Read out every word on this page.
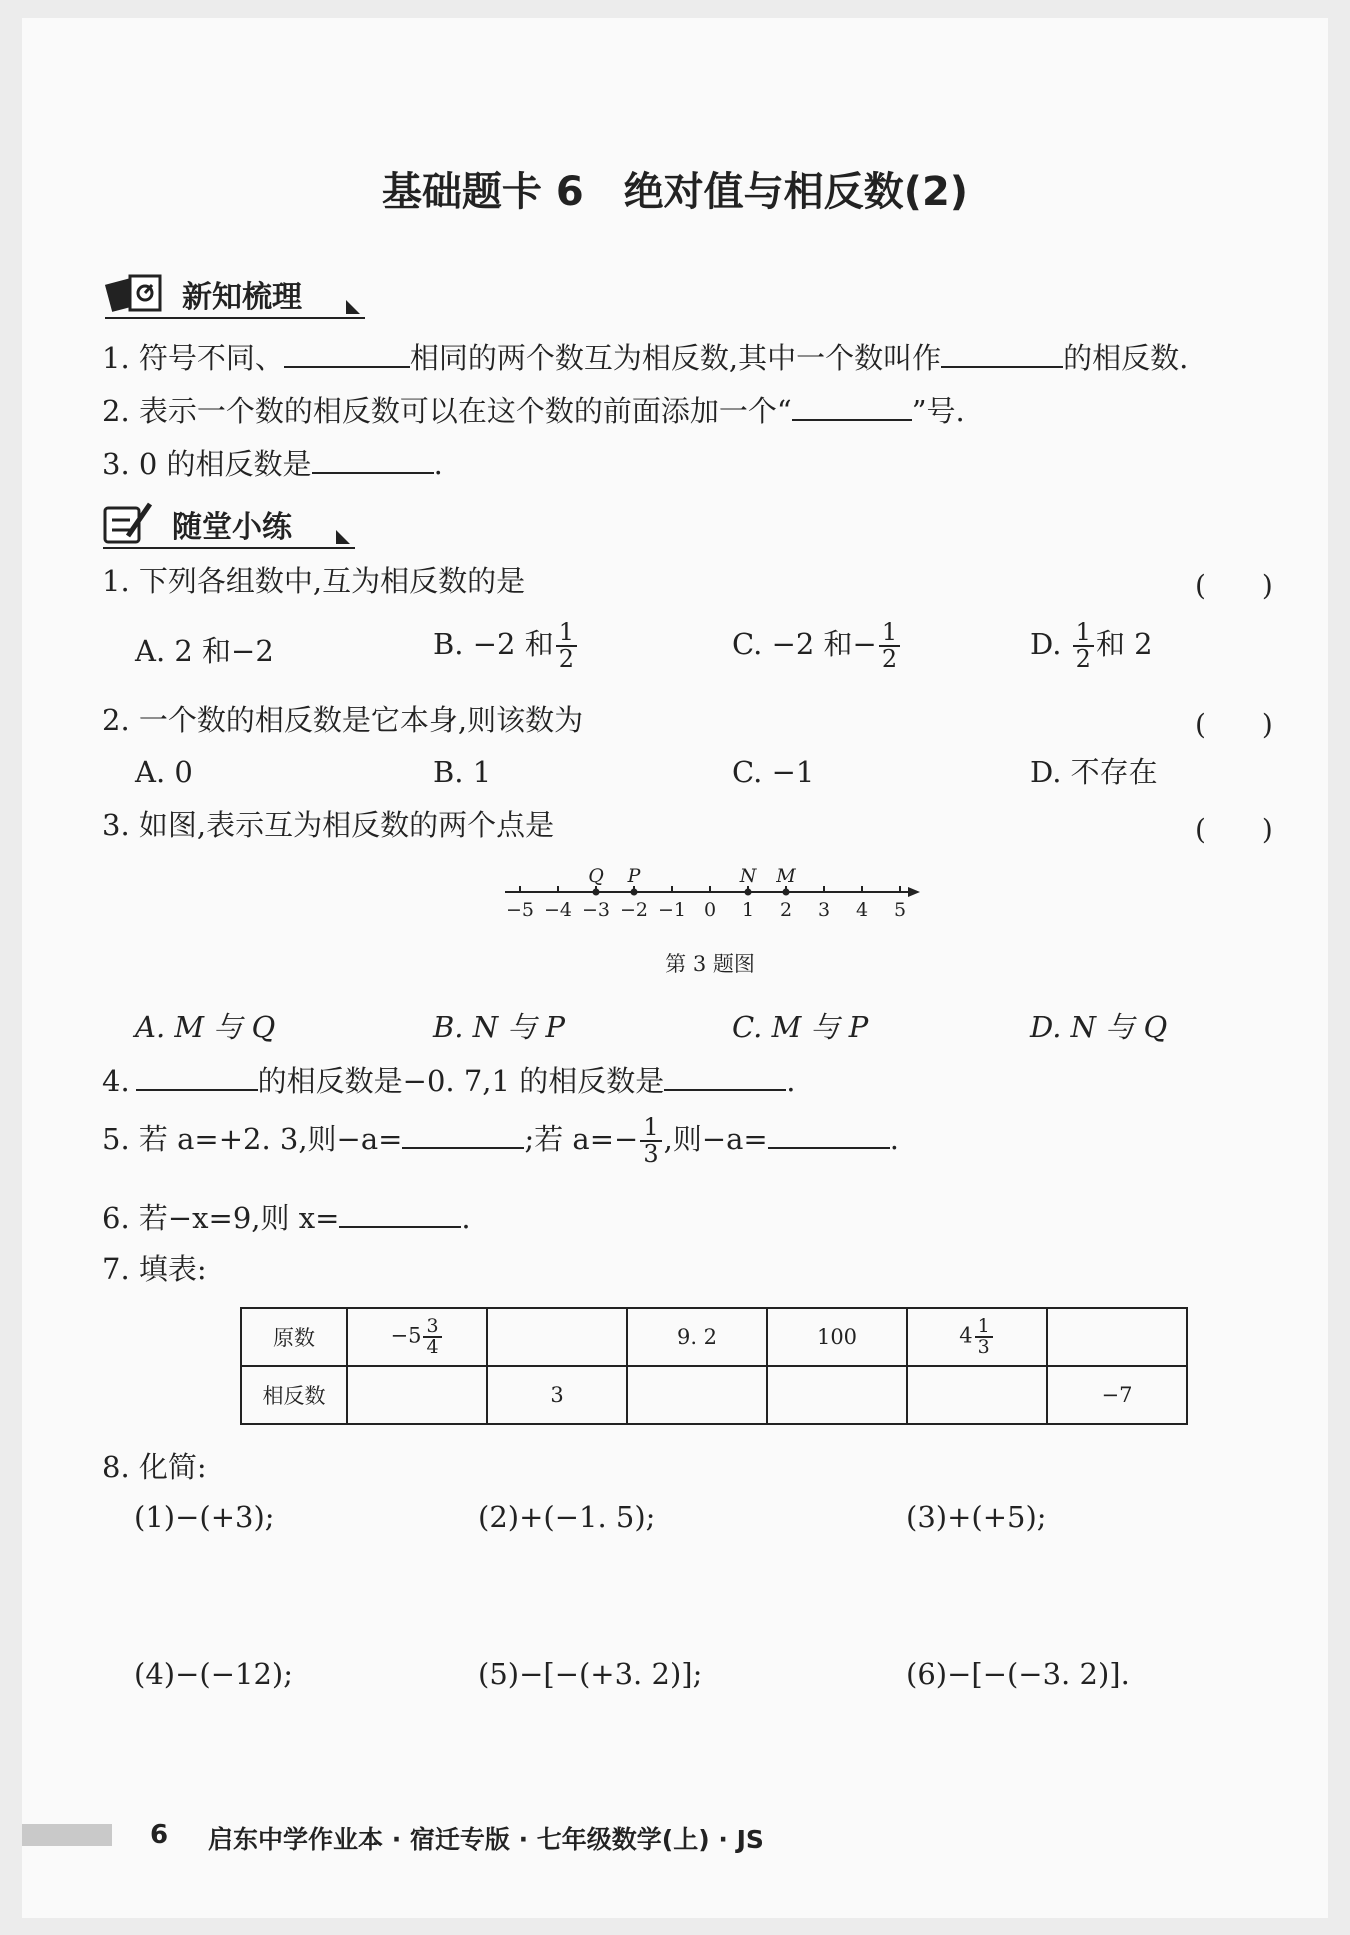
基础题卡 6　绝对值与相反数(2)
新知梳理
1. 符号不同、	相同的两个数互为相反数,其中一个数叫作	的相反数.
2. 表示一个数的相反数可以在这个数的前面添加一个“	”号.
3. 0 的相反数是	.
随堂小练
1. 下列各组数中,互为相反数的是	(　　)
A. 2 和−2	B. −2 和 $\frac{1}{2}$	C. −2 和− $\frac{1}{2}$	D. $\frac{1}{2}$ 和 2
2. 一个数的相反数是它本身,则该数为	(　　)
A. 0	B. 1	C. −1	D. 不存在
3. 如图,表示互为相反数的两个点是	(　　)
−5 −4 −3 −2 −1 0 1 2 3 4 5
Q P	N M
第 3 题图
A. M 与 Q	B. N 与 P	C. M 与 P	D. N 与 Q
4.	的相反数是−0. 7,1 的相反数是	.
5. 若 a=+2. 3,则−a=	;若 $a=- \frac{1}{3}$ ,则−a=	.
6. 若−x=9,则 x=	.
7. 填表:
原数	$-5 \frac{3}{4}$		9. 2	100	$4 \frac{1}{3}$

相反数		3				−7
8. 化简:
(1)−(+3);	(2)+(−1. 5);	(3)+(+5);
(4)−(−12);	(5)−[−(+3. 2)];	(6)−[−(−3. 2)].
6 启东中学作业本 · 宿迁专版 · 七年级数学(上) · JS
